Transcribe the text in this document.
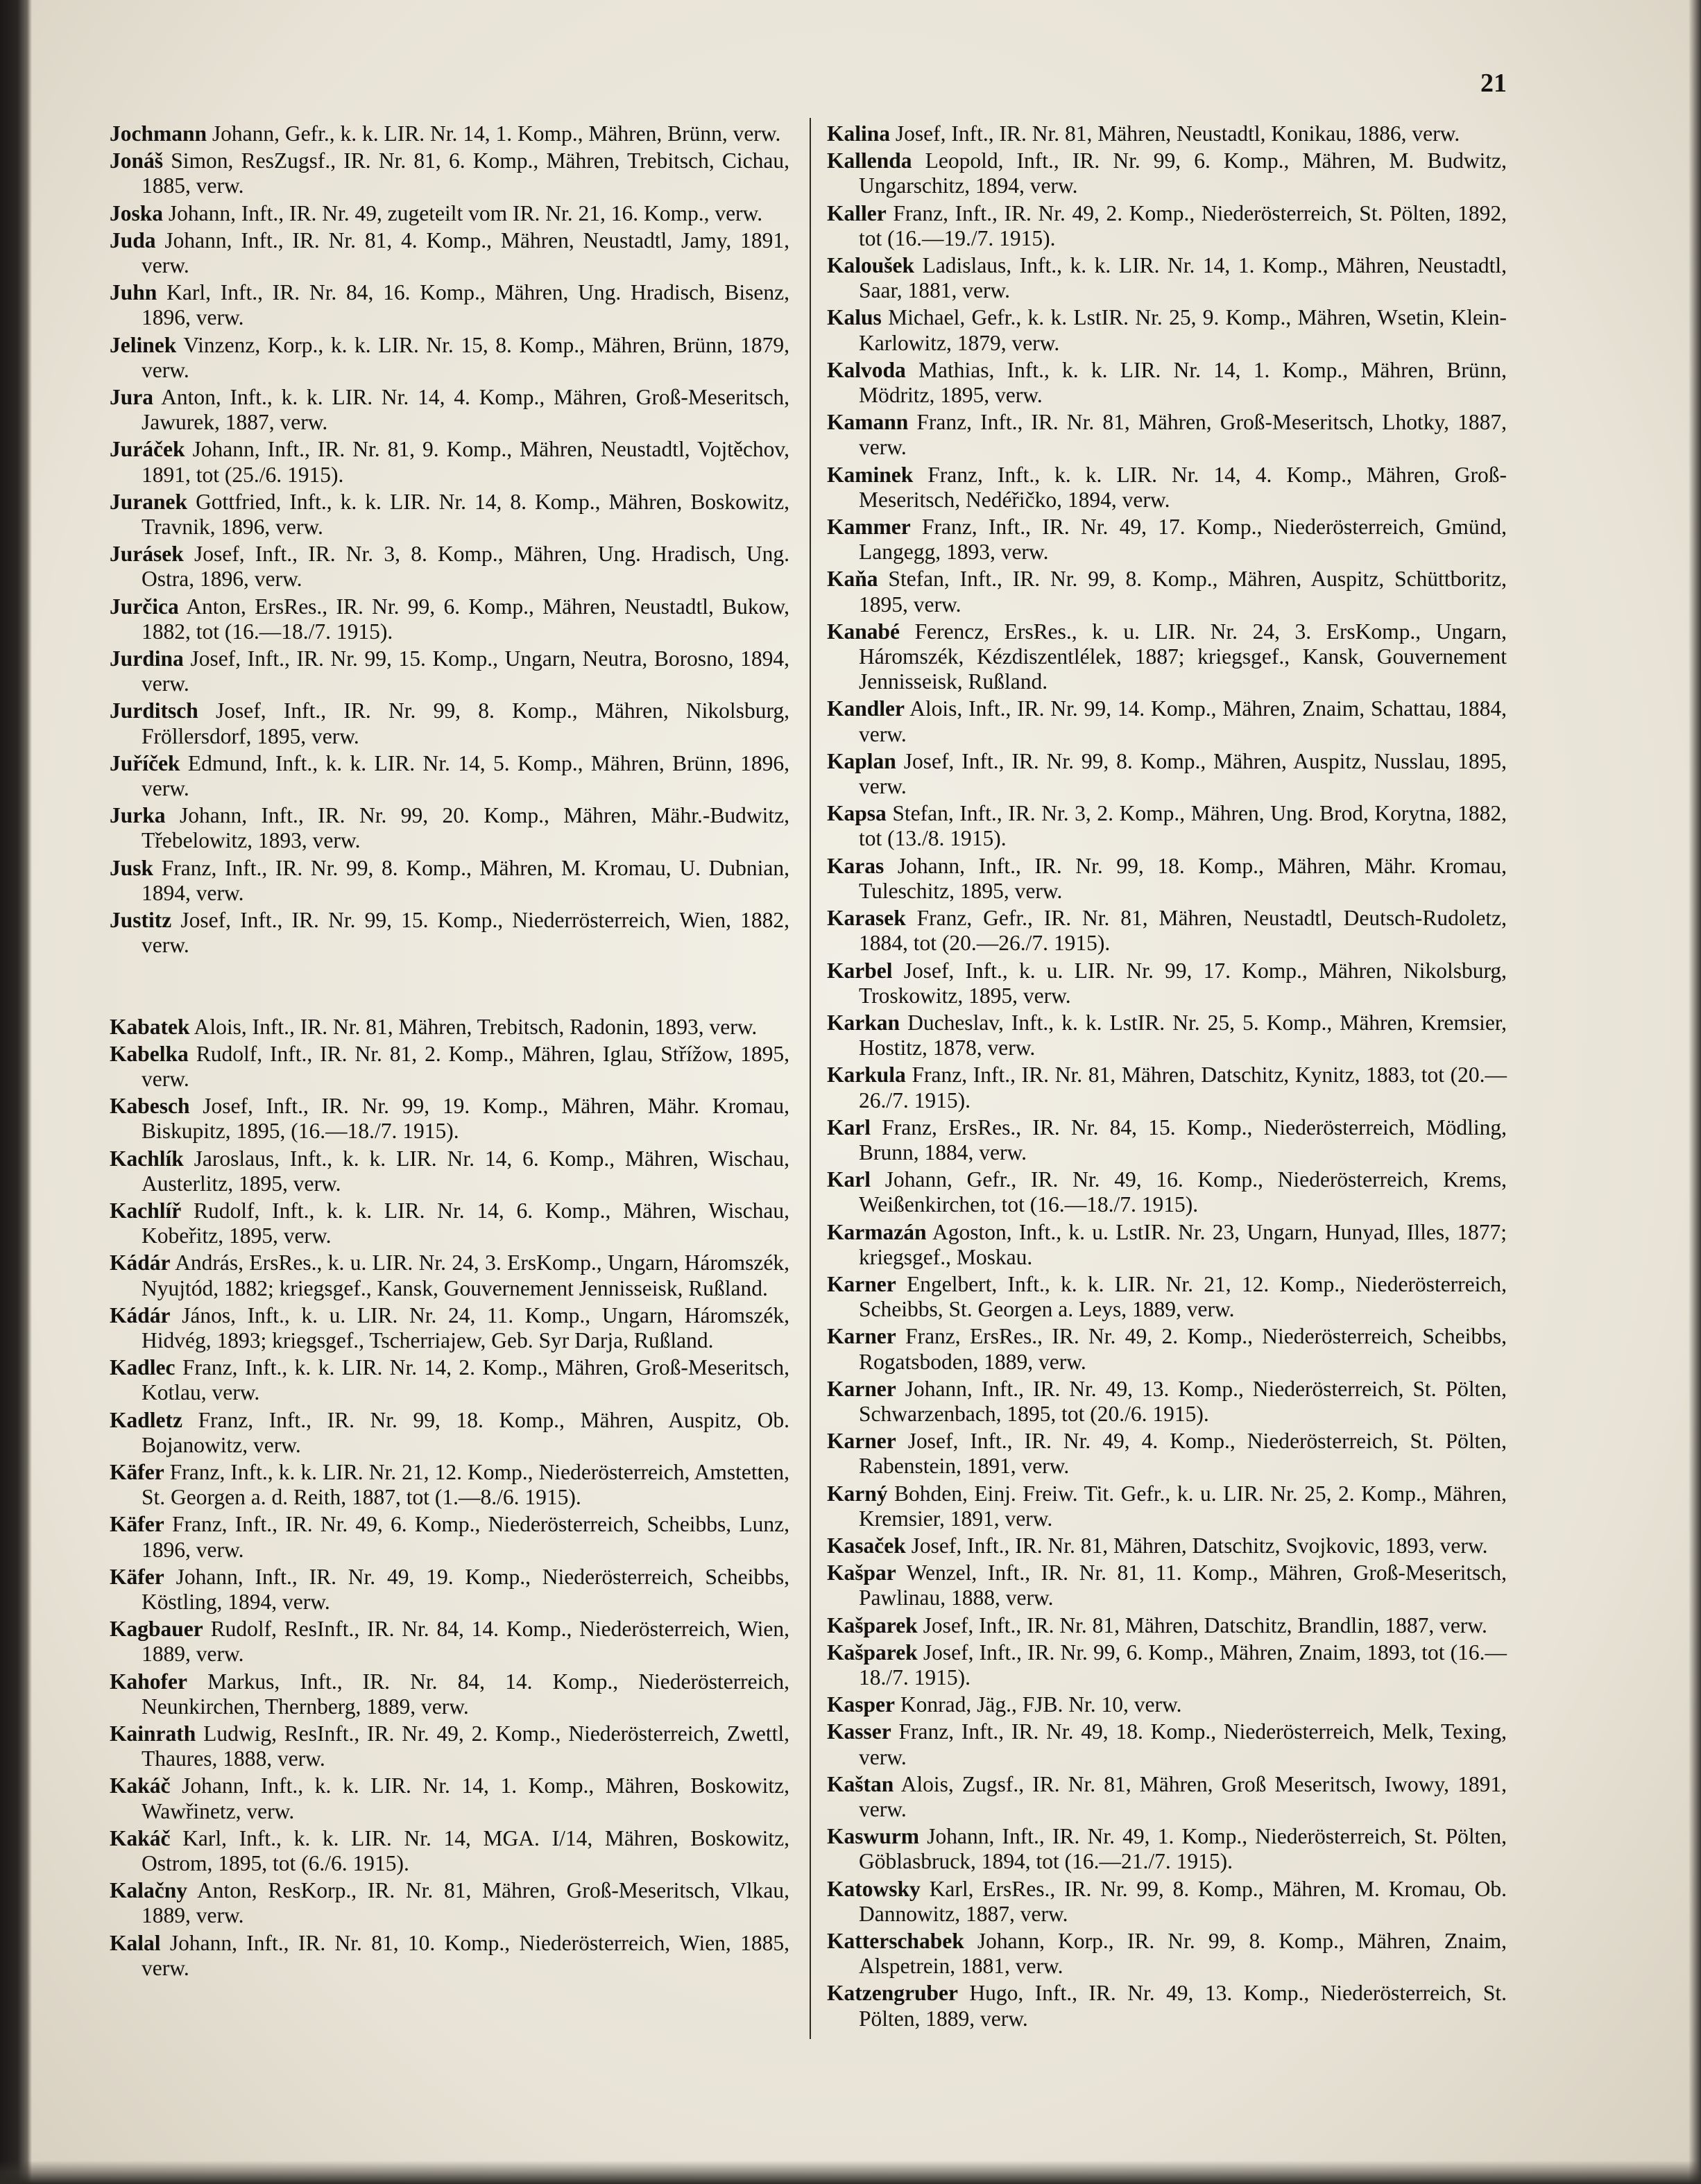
21

Jochmann Johann, Gefr., k. k. LIR. Nr. 14, 1. Komp., Mähren, Brünn, verw.

Jonáš Simon, ResZugsf., IR. Nr. 81, 6. Komp., Mähren, Trebitsch, Cichau, 1885, verw.

Joska Johann, Inft., IR. Nr. 49, zugeteilt vom IR. Nr. 21, 16. Komp., verw.

Juda Johann, Inft., IR. Nr. 81, 4. Komp., Mähren, Neustadtl, Jamy, 1891, verw.

Juhn Karl, Inft., IR. Nr. 84, 16. Komp., Mähren, Ung. Hradisch, Bisenz, 1896, verw.

Jelinek Vinzenz, Korp., k. k. LIR. Nr. 15, 8. Komp., Mähren, Brünn, 1879, verw.

Jura Anton, Inft., k. k. LIR. Nr. 14, 4. Komp., Mähren, Groß-Meseritsch, Jawurek, 1887, verw.

Juráček Johann, Inft., IR. Nr. 81, 9. Komp., Mähren, Neustadtl, Vojtěchov, 1891, tot (25./6. 1915).

Juranek Gottfried, Inft., k. k. LIR. Nr. 14, 8. Komp., Mähren, Boskowitz, Travnik, 1896, verw.

Jurásek Josef, Inft., IR. Nr. 3, 8. Komp., Mähren, Ung. Hradisch, Ung. Ostra, 1896, verw.

Jurčica Anton, ErsRes., IR. Nr. 99, 6. Komp., Mähren, Neustadtl, Bukow, 1882, tot (16.—18./7. 1915).

Jurdina Josef, Inft., IR. Nr. 99, 15. Komp., Ungarn, Neutra, Borosno, 1894, verw.

Jurditsch Josef, Inft., IR. Nr. 99, 8. Komp., Mähren, Nikolsburg, Fröllersdorf, 1895, verw.

Juříček Edmund, Inft., k. k. LIR. Nr. 14, 5. Komp., Mähren, Brünn, 1896, verw.

Jurka Johann, Inft., IR. Nr. 99, 20. Komp., Mähren, Mähr.-Budwitz, Třebelowitz, 1893, verw.

Jusk Franz, Inft., IR. Nr. 99, 8. Komp., Mähren, M. Kromau, U. Dubnian, 1894, verw.

Justitz Josef, Inft., IR. Nr. 99, 15. Komp., Niederrösterreich, Wien, 1882, verw.

Kabatek Alois, Inft., IR. Nr. 81, Mähren, Trebitsch, Radonin, 1893, verw.

Kabelka Rudolf, Inft., IR. Nr. 81, 2. Komp., Mähren, Iglau, Střížow, 1895, verw.

Kabesch Josef, Inft., IR. Nr. 99, 19. Komp., Mähren, Mähr. Kromau, Biskupitz, 1895, (16.—18./7. 1915).

Kachlík Jaroslaus, Inft., k. k. LIR. Nr. 14, 6. Komp., Mähren, Wischau, Austerlitz, 1895, verw.

Kachlíř Rudolf, Inft., k. k. LIR. Nr. 14, 6. Komp., Mähren, Wischau, Kobeřitz, 1895, verw.

Kádár András, ErsRes., k. u. LIR. Nr. 24, 3. ErsKomp., Ungarn, Háromszék, Nyujtód, 1882; kriegsgef., Kansk, Gouvernement Jennisseisk, Rußland.

Kádár János, Inft., k. u. LIR. Nr. 24, 11. Komp., Ungarn, Háromszék, Hidvég, 1893; kriegsgef., Tscherriajew, Geb. Syr Darja, Rußland.

Kadlec Franz, Inft., k. k. LIR. Nr. 14, 2. Komp., Mähren, Groß-Meseritsch, Kotlau, verw.

Kadletz Franz, Inft., IR. Nr. 99, 18. Komp., Mähren, Auspitz, Ob. Bojanowitz, verw.

Käfer Franz, Inft., k. k. LIR. Nr. 21, 12. Komp., Niederösterreich, Amstetten, St. Georgen a. d. Reith, 1887, tot (1.—8./6. 1915).

Käfer Franz, Inft., IR. Nr. 49, 6. Komp., Niederösterreich, Scheibbs, Lunz, 1896, verw.

Käfer Johann, Inft., IR. Nr. 49, 19. Komp., Niederösterreich, Scheibbs, Köstling, 1894, verw.

Kagbauer Rudolf, ResInft., IR. Nr. 84, 14. Komp., Niederösterreich, Wien, 1889, verw.

Kahofer Markus, Inft., IR. Nr. 84, 14. Komp., Niederösterreich, Neunkirchen, Thernberg, 1889, verw.

Kainrath Ludwig, ResInft., IR. Nr. 49, 2. Komp., Niederösterreich, Zwettl, Thaures, 1888, verw.

Kakáč Johann, Inft., k. k. LIR. Nr. 14, 1. Komp., Mähren, Boskowitz, Wawřinetz, verw.

Kakáč Karl, Inft., k. k. LIR. Nr. 14, MGA. I/14, Mähren, Boskowitz, Ostrom, 1895, tot (6./6. 1915).

Kalačny Anton, ResKorp., IR. Nr. 81, Mähren, Groß-Meseritsch, Vlkau, 1889, verw.

Kalal Johann, Inft., IR. Nr. 81, 10. Komp., Niederösterreich, Wien, 1885, verw.

Kalina Josef, Inft., IR. Nr. 81, Mähren, Neustadtl, Konikau, 1886, verw.

Kallenda Leopold, Inft., IR. Nr. 99, 6. Komp., Mähren, M. Budwitz, Ungarschitz, 1894, verw.

Kaller Franz, Inft., IR. Nr. 49, 2. Komp., Niederösterreich, St. Pölten, 1892, tot (16.—19./7. 1915).

Kaloušek Ladislaus, Inft., k. k. LIR. Nr. 14, 1. Komp., Mähren, Neustadtl, Saar, 1881, verw.

Kalus Michael, Gefr., k. k. LstIR. Nr. 25, 9. Komp., Mähren, Wsetin, Klein-Karlowitz, 1879, verw.

Kalvoda Mathias, Inft., k. k. LIR. Nr. 14, 1. Komp., Mähren, Brünn, Mödritz, 1895, verw.

Kamann Franz, Inft., IR. Nr. 81, Mähren, Groß-Meseritsch, Lhotky, 1887, verw.

Kaminek Franz, Inft., k. k. LIR. Nr. 14, 4. Komp., Mähren, Groß-Meseritsch, Nedéřičko, 1894, verw.

Kammer Franz, Inft., IR. Nr. 49, 17. Komp., Niederösterreich, Gmünd, Langegg, 1893, verw.

Kaňa Stefan, Inft., IR. Nr. 99, 8. Komp., Mähren, Auspitz, Schüttboritz, 1895, verw.

Kanabé Ferencz, ErsRes., k. u. LIR. Nr. 24, 3. ErsKomp., Ungarn, Háromszék, Kézdiszentlélek, 1887; kriegsgef., Kansk, Gouvernement Jennisseisk, Rußland.

Kandler Alois, Inft., IR. Nr. 99, 14. Komp., Mähren, Znaim, Schattau, 1884, verw.

Kaplan Josef, Inft., IR. Nr. 99, 8. Komp., Mähren, Auspitz, Nusslau, 1895, verw.

Kapsa Stefan, Inft., IR. Nr. 3, 2. Komp., Mähren, Ung. Brod, Korytna, 1882, tot (13./8. 1915).

Karas Johann, Inft., IR. Nr. 99, 18. Komp., Mähren, Mähr. Kromau, Tuleschitz, 1895, verw.

Karasek Franz, Gefr., IR. Nr. 81, Mähren, Neustadtl, Deutsch-Rudoletz, 1884, tot (20.—26./7. 1915).

Karbel Josef, Inft., k. u. LIR. Nr. 99, 17. Komp., Mähren, Nikolsburg, Troskowitz, 1895, verw.

Karkan Ducheslav, Inft., k. k. LstIR. Nr. 25, 5. Komp., Mähren, Kremsier, Hostitz, 1878, verw.

Karkula Franz, Inft., IR. Nr. 81, Mähren, Datschitz, Kynitz, 1883, tot (20.—26./7. 1915).

Karl Franz, ErsRes., IR. Nr. 84, 15. Komp., Niederösterreich, Mödling, Brunn, 1884, verw.

Karl Johann, Gefr., IR. Nr. 49, 16. Komp., Niederösterreich, Krems, Weißenkirchen, tot (16.—18./7. 1915).

Karmazán Agoston, Inft., k. u. LstIR. Nr. 23, Ungarn, Hunyad, Illes, 1877; kriegsgef., Moskau.

Karner Engelbert, Inft., k. k. LIR. Nr. 21, 12. Komp., Niederösterreich, Scheibbs, St. Georgen a. Leys, 1889, verw.

Karner Franz, ErsRes., IR. Nr. 49, 2. Komp., Niederösterreich, Scheibbs, Rogatsboden, 1889, verw.

Karner Johann, Inft., IR. Nr. 49, 13. Komp., Niederösterreich, St. Pölten, Schwarzenbach, 1895, tot (20./6. 1915).

Karner Josef, Inft., IR. Nr. 49, 4. Komp., Niederösterreich, St. Pölten, Rabenstein, 1891, verw.

Karný Bohden, Einj. Freiw. Tit. Gefr., k. u. LIR. Nr. 25, 2. Komp., Mähren, Kremsier, 1891, verw.

Kasaček Josef, Inft., IR. Nr. 81, Mähren, Datschitz, Svojkovic, 1893, verw.

Kašpar Wenzel, Inft., IR. Nr. 81, 11. Komp., Mähren, Groß-Meseritsch, Pawlinau, 1888, verw.

Kašparek Josef, Inft., IR. Nr. 81, Mähren, Datschitz, Brandlin, 1887, verw.

Kašparek Josef, Inft., IR. Nr. 99, 6. Komp., Mähren, Znaim, 1893, tot (16.—18./7. 1915).

Kasper Konrad, Jäg., FJB. Nr. 10, verw.

Kasser Franz, Inft., IR. Nr. 49, 18. Komp., Niederösterreich, Melk, Texing, verw.

Kaštan Alois, Zugsf., IR. Nr. 81, Mähren, Groß Meseritsch, Iwowy, 1891, verw.

Kaswurm Johann, Inft., IR. Nr. 49, 1. Komp., Niederösterreich, St. Pölten, Göblasbruck, 1894, tot (16.—21./7. 1915).

Katowsky Karl, ErsRes., IR. Nr. 99, 8. Komp., Mähren, M. Kromau, Ob. Dannowitz, 1887, verw.

Katterschabek Johann, Korp., IR. Nr. 99, 8. Komp., Mähren, Znaim, Alspetrein, 1881, verw.

Katzengruber Hugo, Inft., IR. Nr. 49, 13. Komp., Niederösterreich, St. Pölten, 1889, verw.
